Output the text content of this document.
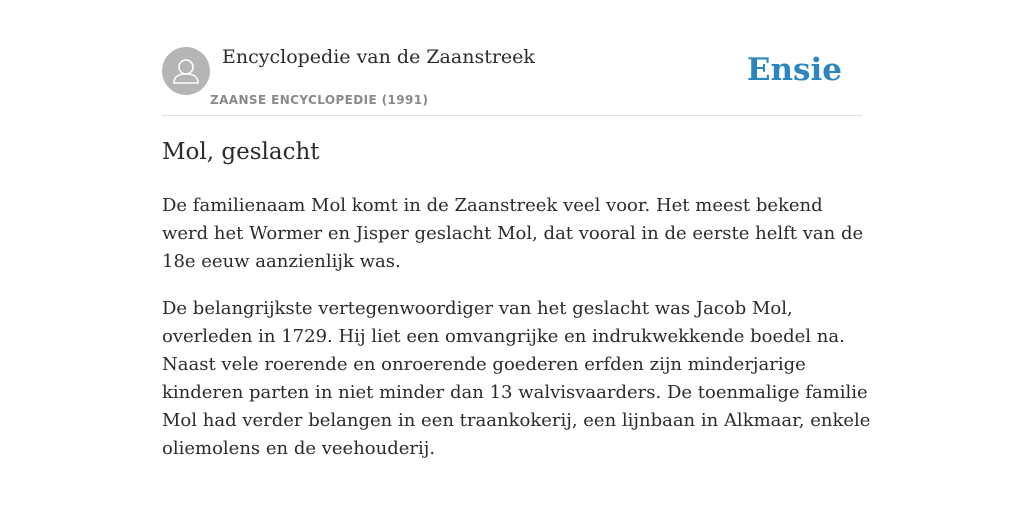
Encyclopedie van de Zaanstreek
ZAANSE ENCYCLOPEDIE (1991)
Ensie
Mol, geslacht

De familienaam Mol komt in de Zaanstreek veel voor. Het meest bekend werd het Wormer en Jisper geslacht Mol, dat vooral in de eerste helft van de 18e eeuw aanzienlijk was.

De belangrijkste vertegenwoordiger van het geslacht was Jacob Mol, overleden in 1729. Hij liet een omvangrijke en indrukwekkende boedel na. Naast vele roerende en onroerende goederen erfden zijn minderjarige kinderen parten in niet minder dan 13 walvisvaarders. De toenmalige familie Mol had verder belangen in een traankokerij, een lijnbaan in Alkmaar, enkele oliemolens en de veehouderij.
